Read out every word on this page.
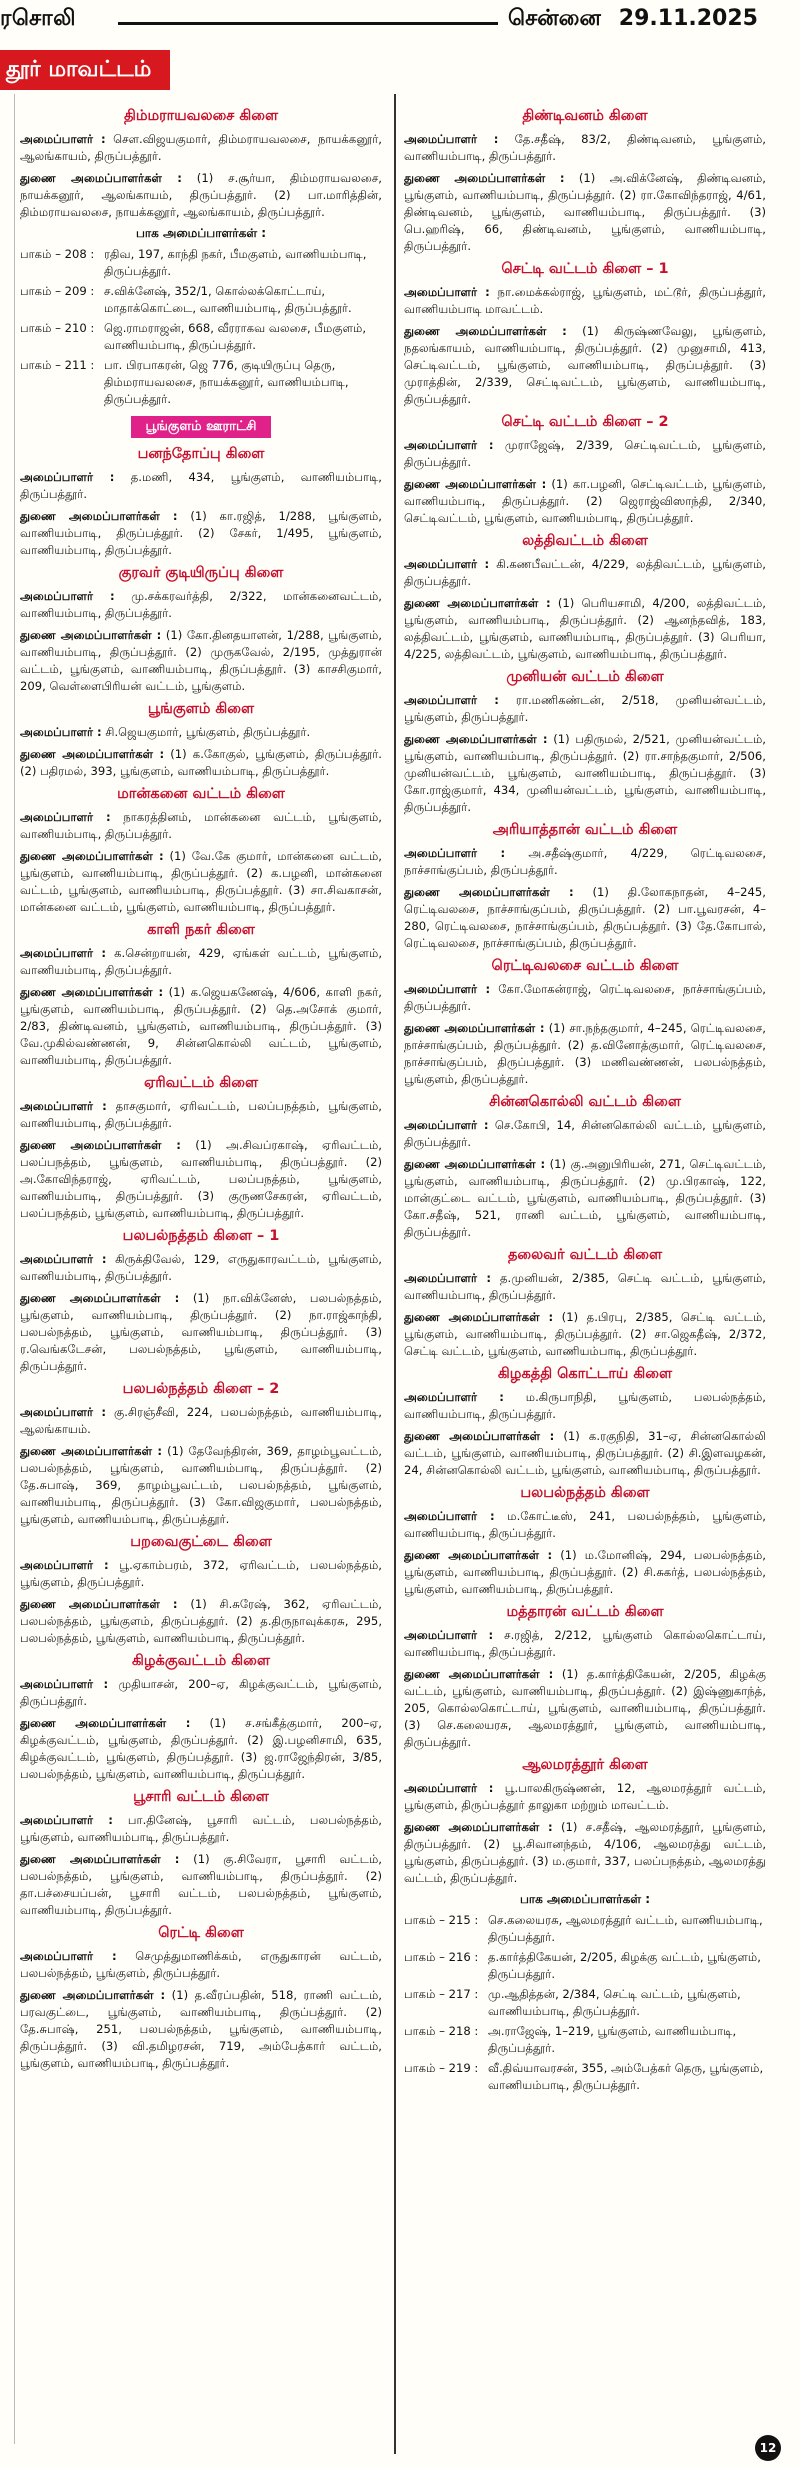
ரசொலி	சென்னை 29.11.2025
தூர் மாவட்டம்
திம்மராயவலசை கிளை
அமைப்பாளர் : சௌ.விஜயகுமார், திம்மராயவலசை, நாயக்கனூர், ஆலங்காயம், திருப்பத்தூர்.
துணை அமைப்பாளர்கள் : (1) ச.சூர்யா, திம்மராயவலசை, நாயக்கனூர், ஆலங்காயம், திருப்பத்தூர். (2) பா.மாரித்தின், திம்மராயவலசை, நாயக்கனூர், ஆலங்காயம், திருப்பத்தூர்.
பாக அமைப்பாளர்கள் :
பாகம் – 208 : ரதிவ, 197, காந்தி நகர், பீமகுளம், வாணியம்பாடி, திருப்பத்தூர்.
பாகம் – 209 : ச.விக்னேஷ், 352/1, கொல்லக்கொட்டாய், மாதாக்கொட்டை, வாணியம்பாடி, திருப்பத்தூர்.
பாகம் – 210 : ஜெ.ராமராஜன், 668, வீரராகவ வலசை, பீமகுளம், வாணியம்பாடி, திருப்பத்தூர்.
பாகம் – 211 : பா. பிரபாகரன், ஜெ 776, குடியிருப்பு தெரு, திம்மராயவலசை, நாயக்கனூர், வாணியம்பாடி, திருப்பத்தூர்.
பூங்குளம் ஊராட்சி
பனந்தோப்பு கிளை
அமைப்பாளர் : த.மணி, 434, பூங்குளம், வாணியம்பாடி, திருப்பத்தூர்.
துணை அமைப்பாளர்கள் : (1) கா.ரஜித், 1/288, பூங்குளம், வாணியம்பாடி, திருப்பத்தூர். (2) சேகர், 1/495, பூங்குளம், வாணியம்பாடி, திருப்பத்தூர்.
குரவர் குடியிருப்பு கிளை
அமைப்பாளர் : மு.சக்கரவர்த்தி, 2/322, மான்கனைவட்டம், வாணியம்பாடி, திருப்பத்தூர்.
துணை அமைப்பாளர்கள் : (1) கோ.தினதயாளன், 1/288, பூங்குளம், வாணியம்பாடி, திருப்பத்தூர். (2) முருகவேல், 2/195, முத்துரான் வட்டம், பூங்குளம், வாணியம்பாடி, திருப்பத்தூர். (3) காசசிகுமார், 209, வெள்ளைபிரியன் வட்டம், பூங்குளம்.
பூங்குளம் கிளை
அமைப்பாளர் : சி.ஜெயகுமார், பூங்குளம், திருப்பத்தூர்.
துணை அமைப்பாளர்கள் : (1) க.கோகுல், பூங்குளம், திருப்பத்தூர். (2) பதிரமல், 393, பூங்குளம், வாணியம்பாடி, திருப்பத்தூர்.
மான்கனை வட்டம் கிளை
அமைப்பாளர் : நாகரத்தினம், மான்கனை வட்டம், பூங்குளம், வாணியம்பாடி, திருப்பத்தூர்.
துணை அமைப்பாளர்கள் : (1) வே.கே குமார், மான்கனை வட்டம், பூங்குளம், வாணியம்பாடி, திருப்பத்தூர். (2) க.பழனி, மான்கனை வட்டம், பூங்குளம், வாணியம்பாடி, திருப்பத்தூர். (3) சா.சிவகாசன், மான்கனை வட்டம், பூங்குளம், வாணியம்பாடி, திருப்பத்தூர்.
காளி நகர் கிளை
அமைப்பாளர் : க.சென்றாயன், 429, ஏங்கள் வட்டம், பூங்குளம், வாணியம்பாடி, திருப்பத்தூர்.
துணை அமைப்பாளர்கள் : (1) க.ஜெயகணேஷ், 4/606, காளி நகர், பூங்குளம், வாணியம்பாடி, திருப்பத்தூர். (2) தெ.அசோக் குமார், 2/83, திண்டிவனம், பூங்குளம், வாணியம்பாடி, திருப்பத்தூர். (3) வே.முகில்வண்ணன், 9, சின்னகொல்லி வட்டம், பூங்குளம், வாணியம்பாடி, திருப்பத்தூர்.
ஏரிவட்டம் கிளை
அமைப்பாளர் : தாசகுமார், ஏரிவட்டம், பலப்பநத்தம், பூங்குளம், வாணியம்பாடி, திருப்பத்தூர்.
துணை அமைப்பாளர்கள் : (1) அ.சிவப்ரகாஷ், ஏரிவட்டம், பலப்பநத்தம், பூங்குளம், வாணியம்பாடி, திருப்பத்தூர். (2) அ.கோவிந்தராஜ், ஏரிவட்டம், பலப்பநத்தம், பூங்குளம், வாணியம்பாடி, திருப்பத்தூர். (3) குருணசேகரன், ஏரிவட்டம், பலப்பநத்தம், பூங்குளம், வாணியம்பாடி, திருப்பத்தூர்.
பலபல்நத்தம் கிளை – 1
அமைப்பாளர் : கிருக்திவேல், 129, எருதுகாரவட்டம், பூங்குளம், வாணியம்பாடி, திருப்பத்தூர்.
துணை அமைப்பாளர்கள் : (1) நா.விக்னேஸ், பலபல்நத்தம், பூங்குளம், வாணியம்பாடி, திருப்பத்தூர். (2) நா.ராஜ்காந்தி, பலபல்நத்தம், பூங்குளம், வாணியம்பாடி, திருப்பத்தூர். (3) ர.வெங்கடேசன், பலபல்நத்தம், பூங்குளம், வாணியம்பாடி, திருப்பத்தூர்.
பலபல்நத்தம் கிளை – 2
அமைப்பாளர் : கு.சிரஞ்சீவி, 224, பலபல்நத்தம், வாணியம்பாடி, ஆலங்காயம்.
துணை அமைப்பாளர்கள் : (1) தேவேந்திரன், 369, தாழம்பூவட்டம், பலபல்நத்தம், பூங்குளம், வாணியம்பாடி, திருப்பத்தூர். (2) தே.சுபாஷ், 369, தாழம்பூவட்டம், பலபல்நத்தம், பூங்குளம், வாணியம்பாடி, திருப்பத்தூர். (3) கோ.விஜகுமார், பலபல்நத்தம், பூங்குளம், வாணியம்பாடி, திருப்பத்தூர்.
பறவைகுட்டை கிளை
அமைப்பாளர் : பூ.ஏகாம்பரம், 372, ஏரிவட்டம், பலபல்நத்தம், பூங்குளம், திருப்பத்தூர்.
துணை அமைப்பாளர்கள் : (1) சி.சுரேஷ், 362, ஏரிவட்டம், பலபல்நத்தம், பூங்குளம், திருப்பத்தூர். (2) த.திருநாவுக்கரசு, 295, பலபல்நத்தம், பூங்குளம், வாணியம்பாடி, திருப்பத்தூர்.
கிழக்குவட்டம் கிளை
அமைப்பாளர் : முதியாசன், 200–ஏ, கிழக்குவட்டம், பூங்குளம், திருப்பத்தூர்.
துணை அமைப்பாளர்கள் : (1) ச.சங்கீத்குமார், 200–ஏ, கிழக்குவட்டம், பூங்குளம், திருப்பத்தூர். (2) இ.பழனிசாமி, 635, கிழக்குவட்டம், பூங்குளம், திருப்பத்தூர். (3) ஜ.ராஜேந்திரன், 3/85, பலபல்நத்தம், பூங்குளம், வாணியம்பாடி, திருப்பத்தூர்.
பூசாரி வட்டம் கிளை
அமைப்பாளர் : பா.தினேஷ், பூசாரி வட்டம், பலபல்நத்தம், பூங்குளம், வாணியம்பாடி, திருப்பத்தூர்.
துணை அமைப்பாளர்கள் : (1) கு.சிவேரா, பூசாரி வட்டம், பலபல்நத்தம், பூங்குளம், வாணியம்பாடி, திருப்பத்தூர். (2) தா.பச்சையப்பன், பூசாரி வட்டம், பலபல்நத்தம், பூங்குளம், வாணியம்பாடி, திருப்பத்தூர்.
ரெட்டி கிளை
அமைப்பாளர் : செமுத்துமாணிக்கம், எருதுகாரன் வட்டம், பலபல்நத்தம், பூங்குளம், திருப்பத்தூர்.
துணை அமைப்பாளர்கள் : (1) த.வீரப்பதின், 518, ராணி வட்டம், பரவகுட்டை, பூங்குளம், வாணியம்பாடி, திருப்பத்தூர். (2) தே.சுபாஷ், 251, பலபல்நத்தம், பூங்குளம், வாணியம்பாடி, திருப்பத்தூர். (3) வி.தமிழரசன், 719, அம்பேத்கார் வட்டம், பூங்குளம், வாணியம்பாடி, திருப்பத்தூர்.
திண்டிவனம் கிளை
அமைப்பாளர் : தே.சதீஷ், 83/2, திண்டிவனம், பூங்குளம், வாணியம்பாடி, திருப்பத்தூர்.
துணை அமைப்பாளர்கள் : (1) அ.விக்னேஷ், திண்டிவனம், பூங்குளம், வாணியம்பாடி, திருப்பத்தூர். (2) ரா.கோவிந்தராஜ், 4/61, திண்டிவனம், பூங்குளம், வாணியம்பாடி, திருப்பத்தூர். (3) பெ.ஹரிஷ், 66, திண்டிவனம், பூங்குளம், வாணியம்பாடி, திருப்பத்தூர்.
செட்டி வட்டம் கிளை – 1
அமைப்பாளர் : நா.மைக்கல்ராஜ், பூங்குளம், மட்டூர், திருப்பத்தூர், வாணியம்பாடி மாவட்டம்.
துணை அமைப்பாளர்கள் : (1) கிருஷ்ணவேலு, பூங்குளம், நதலங்காயம், வாணியம்பாடி, திருப்பத்தூர். (2) முனுசாமி, 413, செட்டிவட்டம், பூங்குளம், வாணியம்பாடி, திருப்பத்தூர். (3) முராத்தின், 2/339, செட்டிவட்டம், பூங்குளம், வாணியம்பாடி, திருப்பத்தூர்.
செட்டி வட்டம் கிளை – 2
அமைப்பாளர் : முராஜேஷ், 2/339, செட்டிவட்டம், பூங்குளம், திருப்பத்தூர்.
துணை அமைப்பாளர்கள் : (1) கா.பழனி, செட்டிவட்டம், பூங்குளம், வாணியம்பாடி, திருப்பத்தூர். (2) ஜெராஜ்விஸாந்தி, 2/340, செட்டிவட்டம், பூங்குளம், வாணியம்பாடி, திருப்பத்தூர்.
லத்திவட்டம் கிளை
அமைப்பாளர் : கி.கணபீவட்டன், 4/229, லத்திவட்டம், பூங்குளம், திருப்பத்தூர்.
துணை அமைப்பாளர்கள் : (1) பெரியசாமி, 4/200, லத்திவட்டம், பூங்குளம், வாணியம்பாடி, திருப்பத்தூர். (2) ஆனந்தவித், 183, லத்திவட்டம், பூங்குளம், வாணியம்பாடி, திருப்பத்தூர். (3) பெரியா, 4/225, லத்திவட்டம், பூங்குளம், வாணியம்பாடி, திருப்பத்தூர்.
முனியன் வட்டம் கிளை
அமைப்பாளர் : ரா.மணிகண்டன், 2/518, முனியன்வட்டம், பூங்குளம், திருப்பத்தூர்.
துணை அமைப்பாளர்கள் : (1) பதிருமல், 2/521, முனியன்வட்டம், பூங்குளம், வாணியம்பாடி, திருப்பத்தூர். (2) ரா.சாந்தகுமார், 2/506, முனியன்வட்டம், பூங்குளம், வாணியம்பாடி, திருப்பத்தூர். (3) கோ.ராஜ்குமார், 434, முனியன்வட்டம், பூங்குளம், வாணியம்பாடி, திருப்பத்தூர்.
அரியாத்தான் வட்டம் கிளை
அமைப்பாளர் : அ.சதீஷ்குமார், 4/229, ரெட்டிவலசை, நாச்சாங்குப்பம், திருப்பத்தூர்.
துணை அமைப்பாளர்கள் : (1) தி.லோகநாதன், 4–245, ரெட்டிவலசை, நாச்சாங்குப்பம், திருப்பத்தூர். (2) பா.பூவரசன், 4–280, ரெட்டிவலசை, நாச்சாங்குப்பம், திருப்பத்தூர். (3) தே.கோபால், ரெட்டிவலசை, நாச்சாங்குப்பம், திருப்பத்தூர்.
ரெட்டிவலசை வட்டம் கிளை
அமைப்பாளர் : கோ.மோகன்ராஜ், ரெட்டிவலசை, நாச்சாங்குப்பம், திருப்பத்தூர்.
துணை அமைப்பாளர்கள் : (1) சா.நந்தகுமார், 4–245, ரெட்டிவலசை, நாச்சாங்குப்பம், திருப்பத்தூர். (2) த.வினோத்குமார், ரெட்டிவலசை, நாச்சாங்குப்பம், திருப்பத்தூர். (3) மணிவண்ணன், பலபல்நத்தம், பூங்குளம், திருப்பத்தூர்.
சின்னகொல்லி வட்டம் கிளை
அமைப்பாளர் : செ.கோபி, 14, சின்னகொல்லி வட்டம், பூங்குளம், திருப்பத்தூர்.
துணை அமைப்பாளர்கள் : (1) கு.அனுபிரியன், 271, செட்டிவட்டம், பூங்குளம், வாணியம்பாடி, திருப்பத்தூர். (2) மு.பிரகாஷ், 122, மான்குட்டை வட்டம், பூங்குளம், வாணியம்பாடி, திருப்பத்தூர். (3) கோ.சதீஷ், 521, ராணி வட்டம், பூங்குளம், வாணியம்பாடி, திருப்பத்தூர்.
தலைவர் வட்டம் கிளை
அமைப்பாளர் : த.முனியன், 2/385, செட்டி வட்டம், பூங்குளம், வாணியம்பாடி, திருப்பத்தூர்.
துணை அமைப்பாளர்கள் : (1) த.பிரபு, 2/385, செட்டி வட்டம், பூங்குளம், வாணியம்பாடி, திருப்பத்தூர். (2) சா.ஜெகதீஷ், 2/372, செட்டி வட்டம், பூங்குளம், வாணியம்பாடி, திருப்பத்தூர்.
கிழகத்தி கொட்டாய் கிளை
அமைப்பாளர் : ம.கிருபாநிதி, பூங்குளம், பலபல்நத்தம், வாணியம்பாடி, திருப்பத்தூர்.
துணை அமைப்பாளர்கள் : (1) க.ரகுநிதி, 31–ஏ, சின்னகொல்லி வட்டம், பூங்குளம், வாணியம்பாடி, திருப்பத்தூர். (2) சி.இளவழகன், 24, சின்னகொல்லி வட்டம், பூங்குளம், வாணியம்பாடி, திருப்பத்தூர்.
பலபல்நத்தம் கிளை
அமைப்பாளர் : ம.கோட்டீஸ், 241, பலபல்நத்தம், பூங்குளம், வாணியம்பாடி, திருப்பத்தூர்.
துணை அமைப்பாளர்கள் : (1) ம.மோனிஷ், 294, பலபல்நத்தம், பூங்குளம், வாணியம்பாடி, திருப்பத்தூர். (2) சி.சுகர்த், பலபல்நத்தம், பூங்குளம், வாணியம்பாடி, திருப்பத்தூர்.
மத்தாரன் வட்டம் கிளை
அமைப்பாளர் : ச.ரஜித், 2/212, பூங்குளம் கொல்லகொட்டாய், வாணியம்பாடி, திருப்பத்தூர்.
துணை அமைப்பாளர்கள் : (1) த.கார்த்திகேயன், 2/205, கிழக்கு வட்டம், பூங்குளம், வாணியம்பாடி, திருப்பத்தூர். (2) இஷ்ணுகாந்த், 205, கொல்லகொட்டாய், பூங்குளம், வாணியம்பாடி, திருப்பத்தூர். (3) செ.கலையரசு, ஆலமரத்தூர், பூங்குளம், வாணியம்பாடி, திருப்பத்தூர்.
ஆலமரத்தூர் கிளை
அமைப்பாளர் : பூ.பாலகிருஷ்ணன், 12, ஆலமரத்தூர் வட்டம், பூங்குளம், திருப்பத்தூர் தாலுகா மற்றும் மாவட்டம்.
துணை அமைப்பாளர்கள் : (1) ச.சதீஷ், ஆலமரத்தூர், பூங்குளம், திருப்பத்தூர். (2) பூ.சிவானந்தம், 4/106, ஆலமரத்து வட்டம், பூங்குளம், திருப்பத்தூர். (3) ம.குமார், 337, பலப்பநத்தம், ஆலமரத்து வட்டம், திருப்பத்தூர்.
பாக அமைப்பாளர்கள் :
பாகம் – 215 : செ.கலையரசு, ஆலமரத்தூர் வட்டம், வாணியம்பாடி, திருப்பத்தூர்.
பாகம் – 216 : த.கார்த்திகேயன், 2/205, கிழக்கு வட்டம், பூங்குளம், திருப்பத்தூர்.
பாகம் – 217 : மு.ஆதித்தன், 2/384, செட்டி வட்டம், பூங்குளம், வாணியம்பாடி, திருப்பத்தூர்.
பாகம் – 218 : அ.ராஜேஷ், 1–219, பூங்குளம், வாணியம்பாடி, திருப்பத்தூர்.
பாகம் – 219 : வீ.திவ்யாவரசன், 355, அம்பேத்கர் தெரு, பூங்குளம், வாணியம்பாடி, திருப்பத்தூர்.
12
